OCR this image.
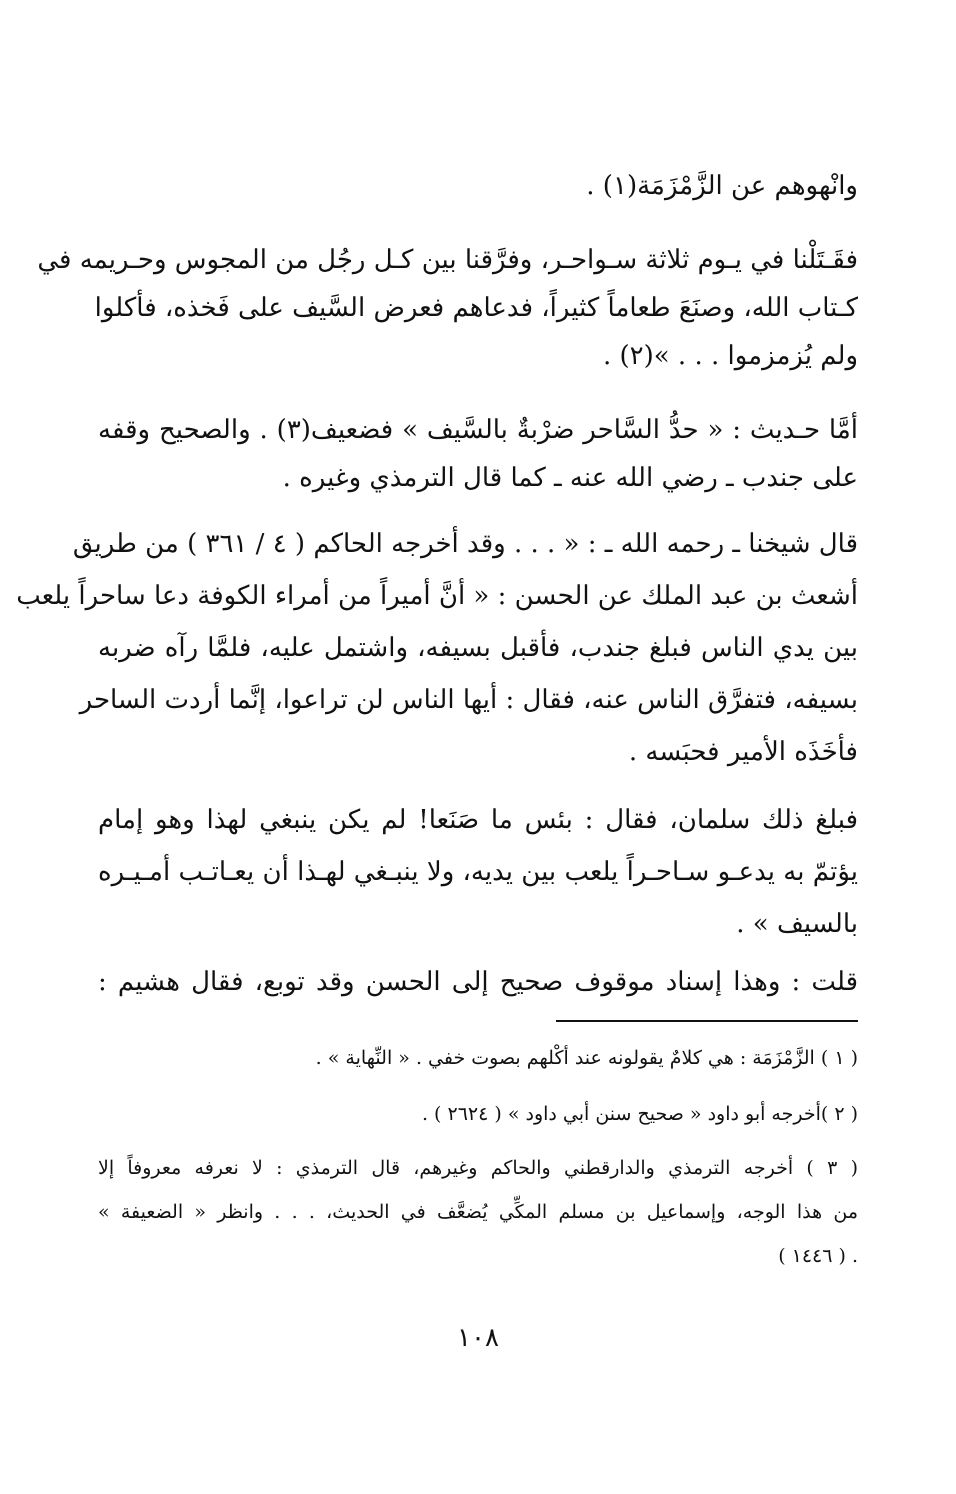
وانْهوهم عن الزَّمْزَمَة(١) .
فقَـتَلْنا في يـوم ثلاثة سـواحـر، وفرَّقنا بين كـل رجُل من المجوس وحـريمه في
كـتاب الله، وصنَعَ طعاماً كثيراً، فدعاهم فعرض السَّيف على فَخذه، فأكلوا
ولم يُزمزموا . . . »(٢) .
أمَّا حـديث : « حدُّ السَّاحر ضرْبةٌ بالسَّيف » فضعيف(٣) . والصحيح وقفه
على جندب ـ رضي الله عنه ـ كما قال الترمذي وغيره .
قال شيخنا ـ رحمه الله ـ : « . . . وقد أخرجه الحاكم ( ٤ / ٣٦١ ) من طريق
أشعث بن عبد الملك عن الحسن : « أنَّ أميراً من أمراء الكوفة دعا ساحراً يلعب
بين يدي الناس فبلغ جندب، فأقبل بسيفه، واشتمل عليه، فلمَّا رآه ضربه
بسيفه، فتفرَّق الناس عنه، فقال : أيها الناس لن تراعوا، إنَّما أردت الساحر
فأخَذَه الأمير فحبَسه .
فبلغ ذلك سلمان، فقال : بئس ما صَنَعا! لم يكن ينبغي لهذا وهو إمام
يؤتمّ به يدعـو سـاحـراً يلعب بين يديه، ولا ينبـغي لهـذا أن يعـاتـب أمـيـره
بالسيف » .
قلت : وهذا إسناد موقوف صحيح إلى الحسن وقد توبع، فقال هشيم :
( ١ ) الزَّمْزَمَة : هي كلامٌ يقولونه عند أكْلهم بصوت خفي . « النِّهاية » .
( ٢ )أخرجه أبو داود « صحيح سنن أبي داود » ( ٢٦٢٤ ) .
( ٣ ) أخرجه الترمذي والدارقطني والحاكم وغيرهم، قال الترمذي : لا نعرفه معروفاً إلا
من هذا الوجه، وإسماعيل بن مسلم المكِّي يُضعَّف في الحديث، . . . وانظر « الضعيفة »
( ١٤٤٦ ) .
١٠٨
